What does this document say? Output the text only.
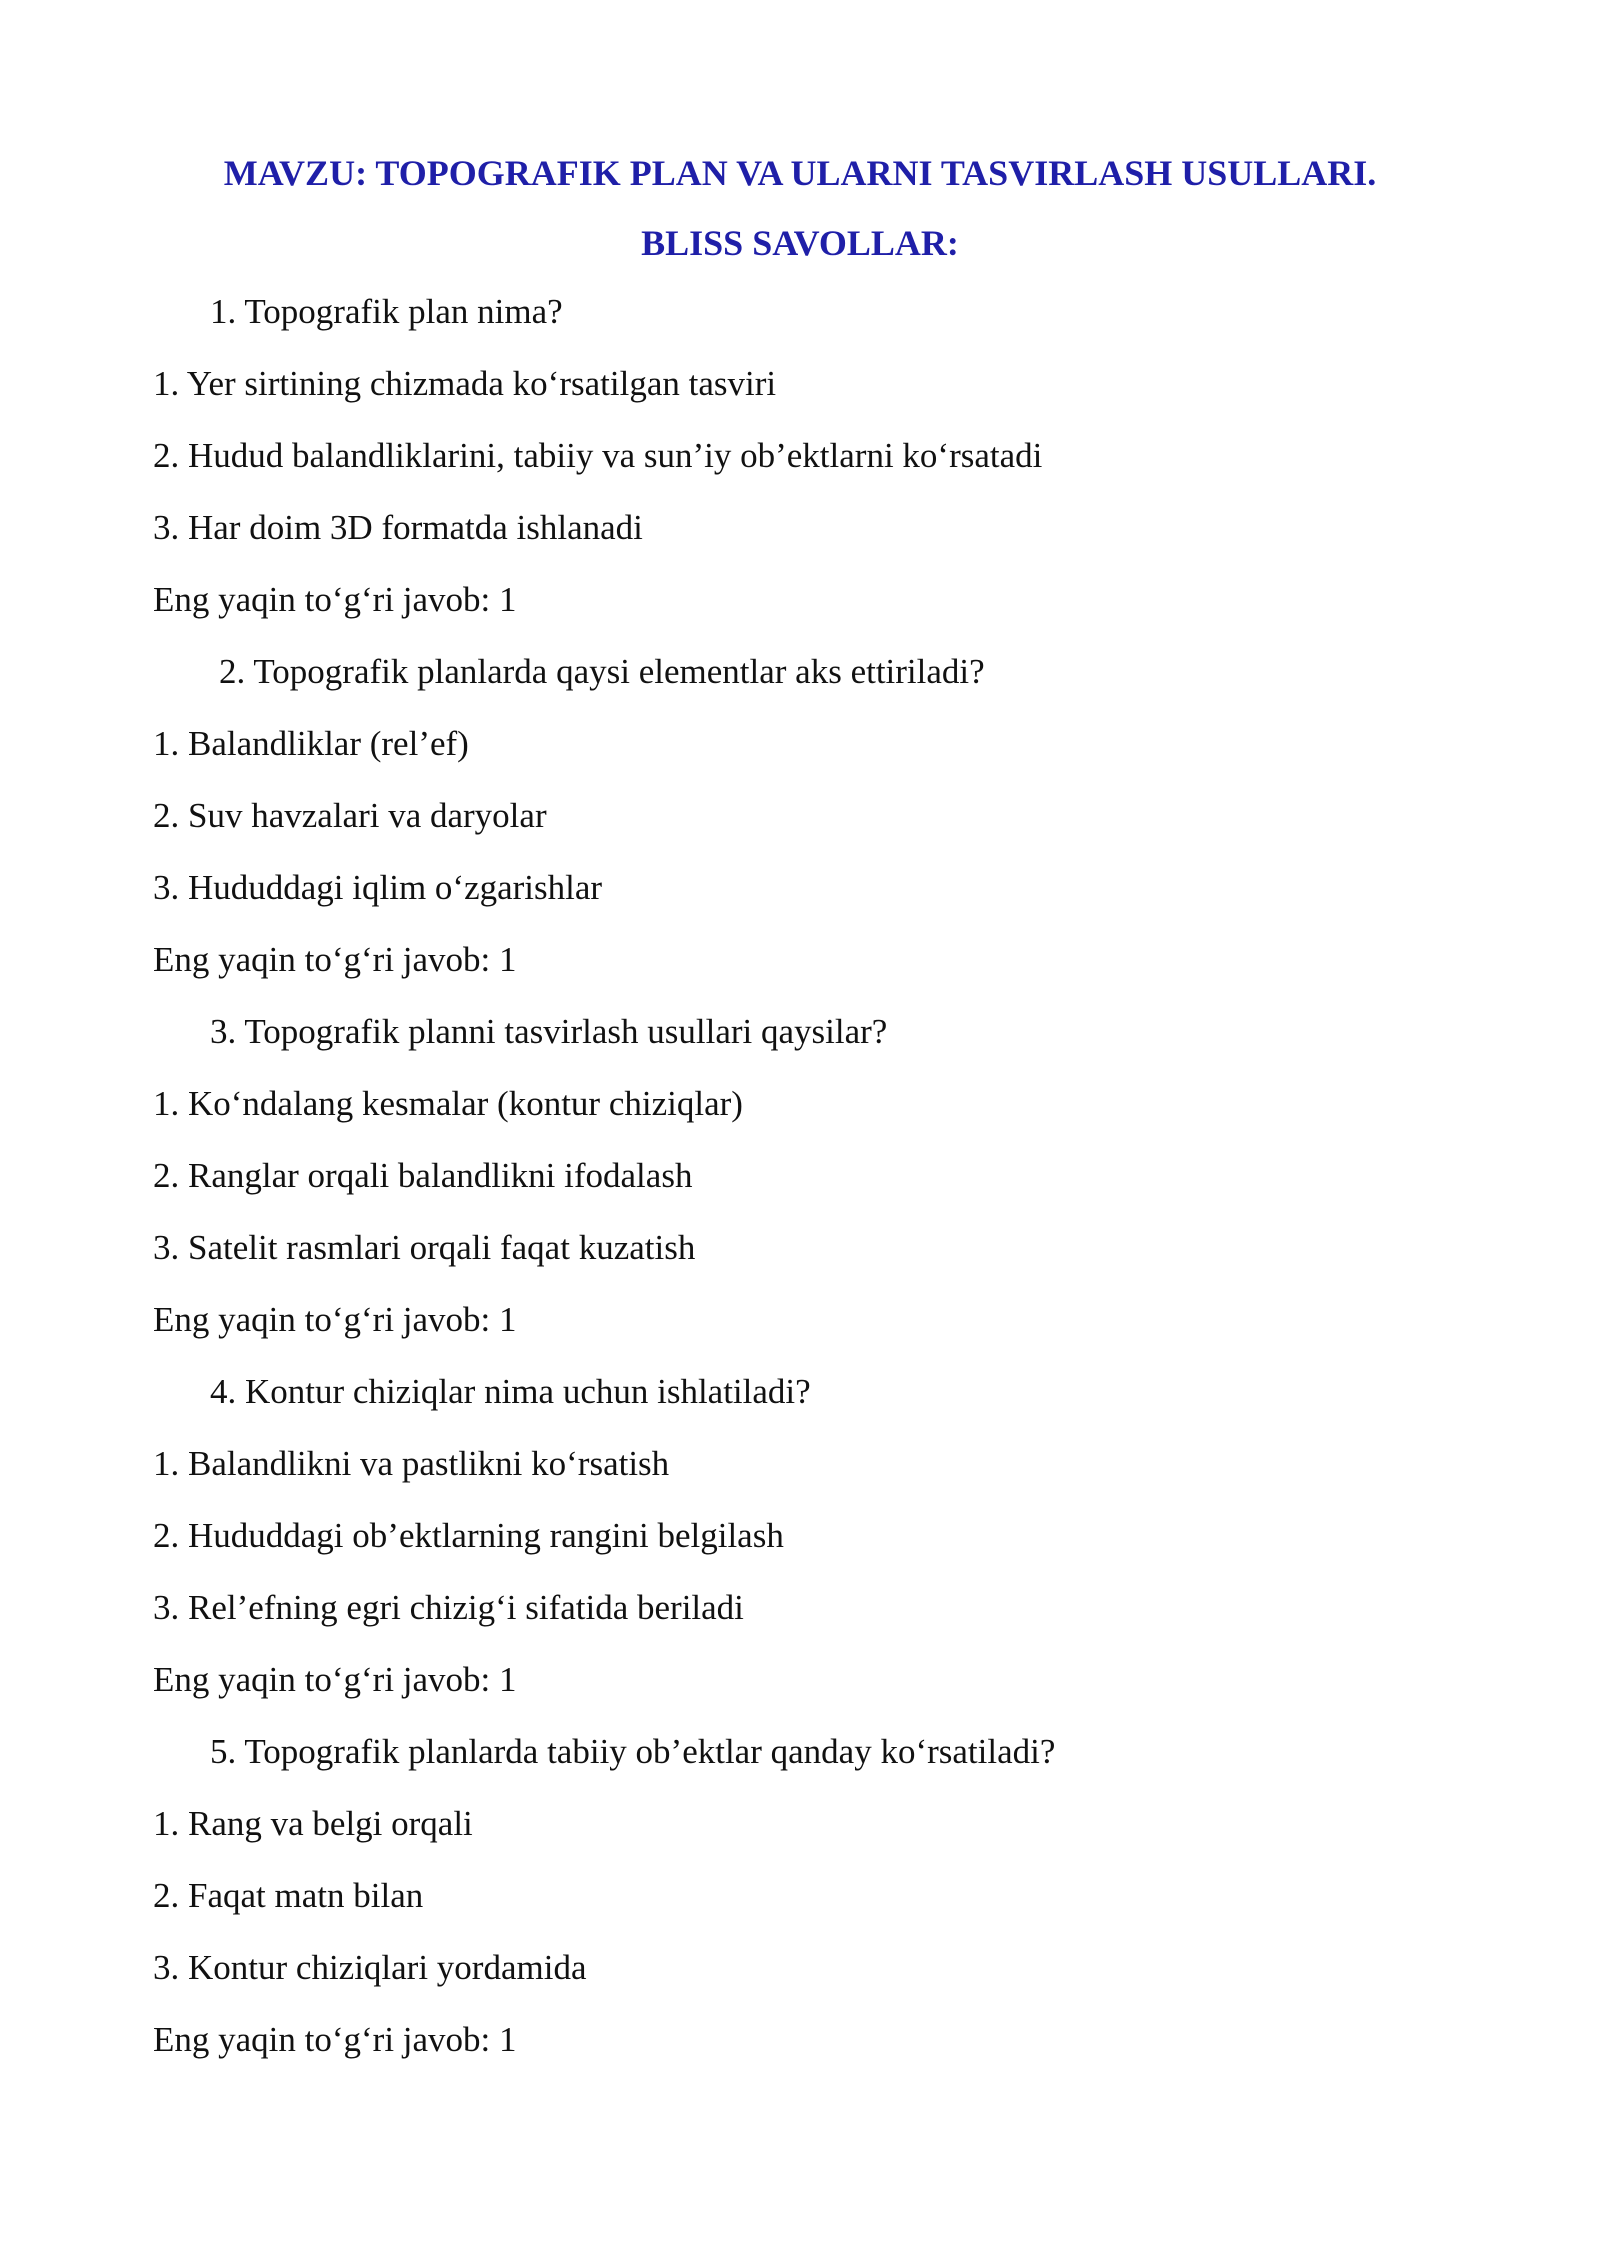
MAVZU: TOPOGRAFIK PLAN VA ULARNI TASVIRLASH USULLARI.
BLISS SAVOLLAR:
1 . Topografik plan nima?
1 . Yer sirtining chizmada ko‘rsatilgan tasviri
2 . Hudud balandliklarini, tabiiy va sun’iy ob’ektlarni ko‘rsatadi
3 . Har doim 3D formatda ishlanadi
Eng yaqin to‘g‘ri javob: 1
2 . Topografik planlarda qaysi elementlar aks ettiriladi?
1 . Balandliklar (rel’ef)
2 . Suv havzalari va daryolar
3 . Hududdagi iqlim o‘zgarishlar
Eng yaqin to‘g‘ri javob: 1
3 . Topografik planni tasvirlash usullari qaysilar?
1 . Ko‘ndalang kesmalar (kontur chiziqlar)
2 . Ranglar orqali balandlikni ifodalash
3 . Satelit rasmlari orqali faqat kuzatish
Eng yaqin to‘g‘ri javob: 1
4 . Kontur chiziqlar nima uchun ishlatiladi?
1 . Balandlikni va pastlikni ko‘rsatish
2 . Hududdagi ob’ektlarning rangini belgilash
3 . Rel’efning egri chizig‘i sifatida beriladi
Eng yaqin to‘g‘ri javob: 1
5 . Topografik planlarda tabiiy ob’ektlar qanday ko‘rsatiladi?
1 . Rang va belgi orqali
2 . Faqat matn bilan
3 . Kontur chiziqlari yordamida
Eng yaqin to‘g‘ri javob: 1
